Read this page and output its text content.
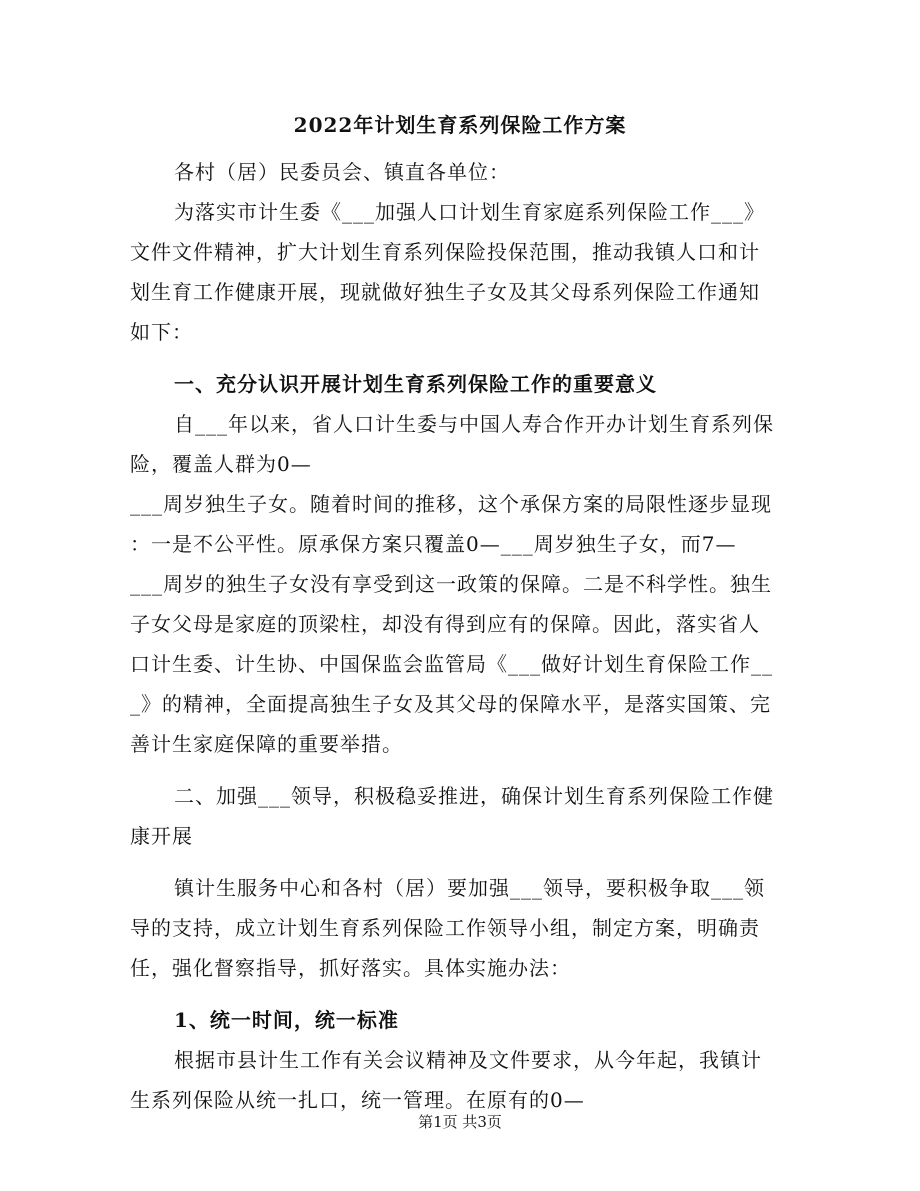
2022年计划生育系列保险工作方案
各村（居）民委员会、镇直各单位：
为落实市计生委《___加强人口计划生育家庭系列保险工作___》
文件文件精神，扩大计划生育系列保险投保范围，推动我镇人口和计
划生育工作健康开展，现就做好独生子女及其父母系列保险工作通知
如下：
一、充分认识开展计划生育系列保险工作的重要意义
自___年以来，省人口计生委与中国人寿合作开办计划生育系列保
险，覆盖人群为0—
___周岁独生子女。随着时间的推移，这个承保方案的局限性逐步显现
：一是不公平性。原承保方案只覆盖0—___周岁独生子女，而7—
___周岁的独生子女没有享受到这一政策的保障。二是不科学性。独生
子女父母是家庭的顶梁柱，却没有得到应有的保障。因此，落实省人
口计生委、计生协、中国保监会监管局《___做好计划生育保险工作__
_》的精神，全面提高独生子女及其父母的保障水平，是落实国策、完
善计生家庭保障的重要举措。
二、加强___领导，积极稳妥推进，确保计划生育系列保险工作健
康开展
镇计生服务中心和各村（居）要加强___领导，要积极争取___领
导的支持，成立计划生育系列保险工作领导小组，制定方案，明确责
任，强化督察指导，抓好落实。具体实施办法：
1、统一时间，统一标准
根据市县计生工作有关会议精神及文件要求，从今年起，我镇计
生系列保险从统一扎口，统一管理。在原有的0—
第1页 共3页
